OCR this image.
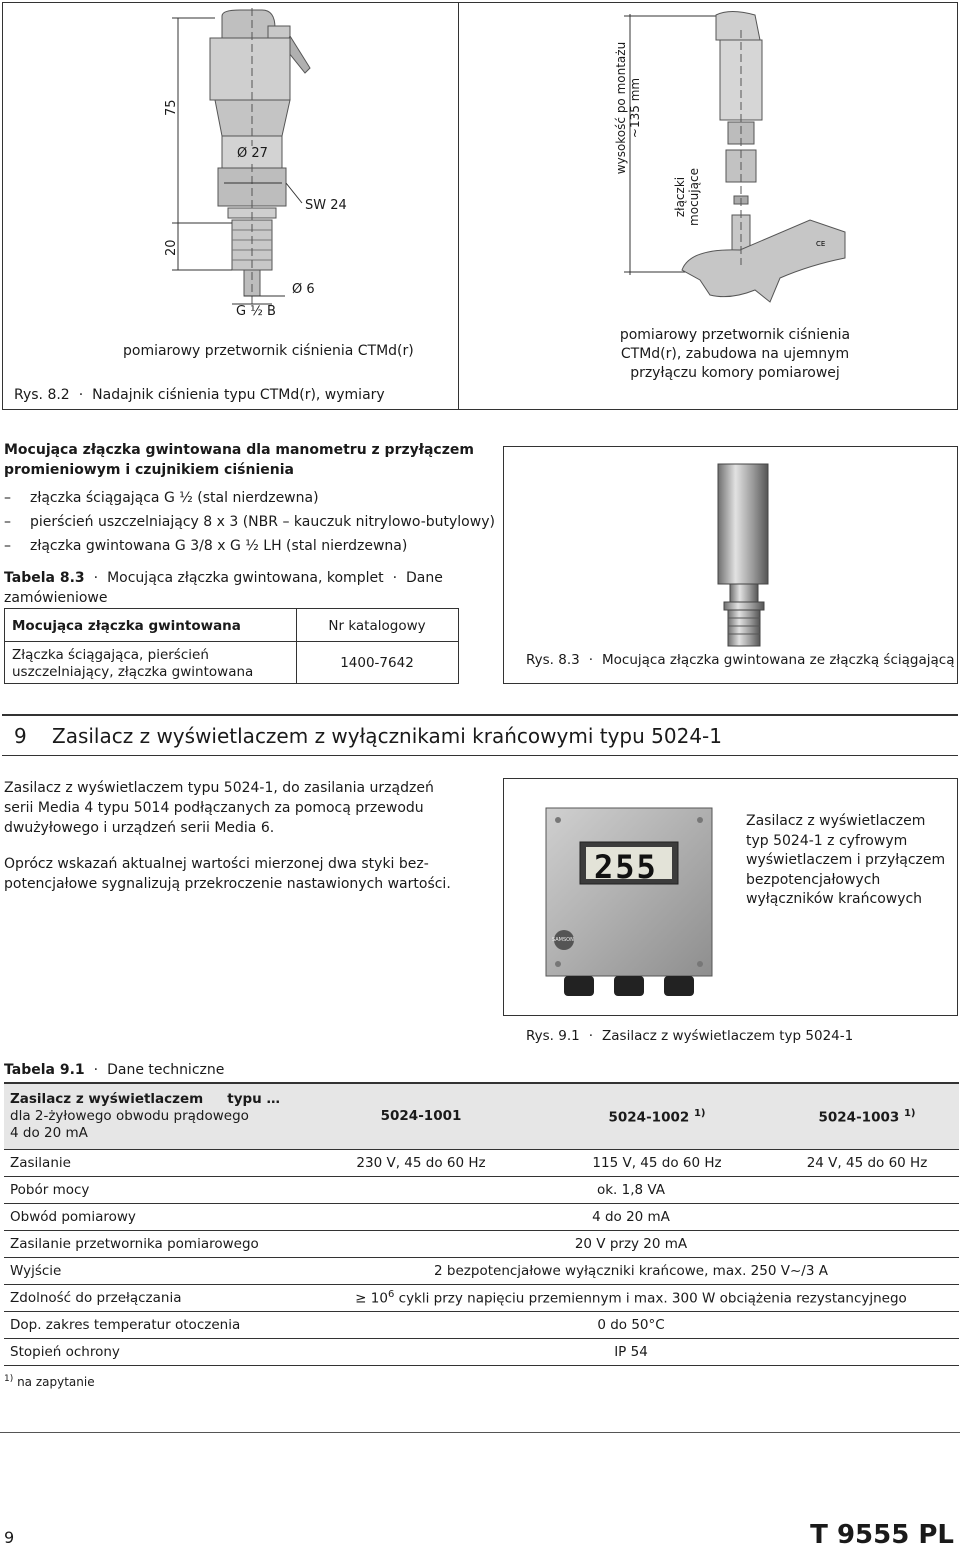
75
20
Ø 27
SW 24
Ø 6
G ½ B
pomiarowy przetwornik ciśnienia CTMd(r)
Rys. 8.2 · Nadajnik ciśnienia typu CTMd(r), wymiary
CE
wysokość po montażu ~135 mm
złączki mocujące
pomiarowy przetwornik ciśnienia
CTMd(r), zabudowa na ujemnym
przyłączu komory pomiarowej
Mocująca złączka gwintowana dla manometru z przyłączem
promieniowym i czujnikiem ciśnienia
– złączka ściągająca G ½ (stal nierdzewna)
– pierścień uszczelniający 8 x 3 (NBR – kauczuk nitrylowo-butylowy)
– złączka gwintowana G 3/8 x G ½ LH (stal nierdzewna)
Tabela 8.3 · Mocująca złączka gwintowana, komplet · Dane
zamówieniowe
Mocująca złączka gwintowana	Nr katalogowy
Złączka ściągająca, pierścień
uszczelniający, złączka gwintowana
1400-7642	Rys. 8.3 · Mocująca złączka gwintowana ze złączką ściągającą
9 Zasilacz z wyświetlaczem z wyłącznikami krańcowymi typu 5024-1
Zasilacz z wyświetlaczem typu 5024-1, do zasilania urządzeń
serii Media 4 typu 5014 podłączanych za pomocą przewodu
dwużyłowego i urządzeń serii Media 6.
Oprócz wskazań aktualnej wartości mierzonej dwa styki bez-
potencjałowe sygnalizują przekroczenie nastawionych wartości.	255
SAMSON
Zasilacz z wyświetlaczem
typ 5024-1 z cyfrowym
wyświetlaczem i przyłączem
bezpotencjałowych
wyłączników krańcowych
Rys. 9.1 · Zasilacz z wyświetlaczem typ 5024-1
Tabela 9.1 · Dane techniczne
Zasilacz z wyświetlaczem typu …
dla 2-żyłowego obwodu prądowego
4 do 20 mA	5024-1001	5024-1002 $^{1)}$	5024-1003 $^{1)}$
Zasilanie	230 V, 45 do 60 Hz	115 V, 45 do 60 Hz	24 V, 45 do 60 Hz
Pobór mocy	ok. 1,8 VA		
Obwód pomiarowy	4 do 20 mA		
Zasilanie przetwornika pomiarowego	20 V przy 20 mA		
Wyjście	2 bezpotencjałowe wyłączniki krańcowe, max. 250 V~/3 A		
Zdolność do przełączania	≥ $10^6$ cykli przy napięciu przemiennym i max. 300 W obciążenia rezystancyjnego		
Dop. zakres temperatur otoczenia	0 do 50°C		
Stopień ochrony	IP 54		
$^{1)}$ na zapytanie
9	T 9555 PL
